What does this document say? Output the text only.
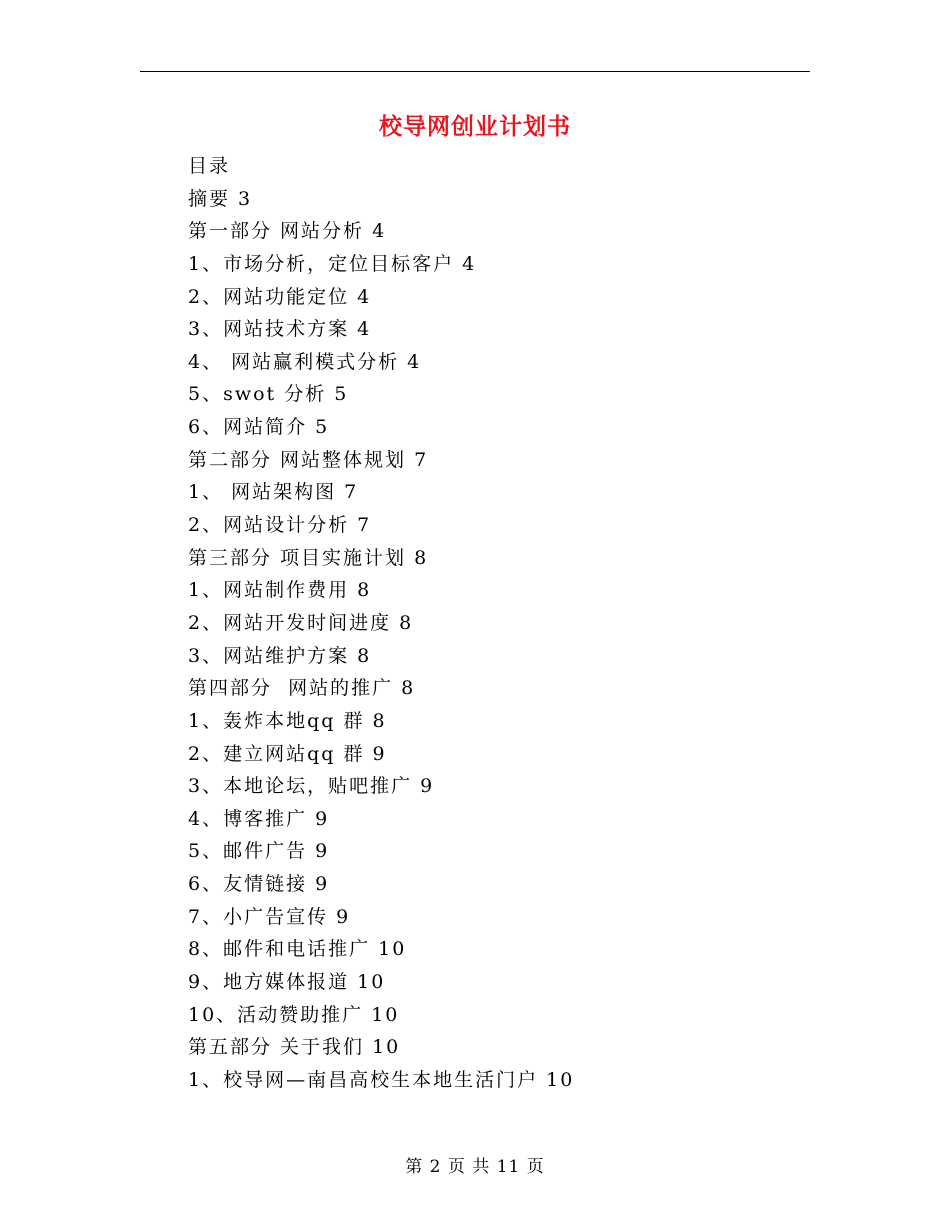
校导网创业计划书
目录
摘要 3
第一部分 网站分析 4
1、市场分析，定位目标客户 4
2、网站功能定位 4
3、网站技术方案 4
4、 网站赢利模式分析 4
5、swot 分析 5
6、网站简介 5
第二部分 网站整体规划 7
1、 网站架构图 7
2、网站设计分析 7
第三部分 项目实施计划 8
1、网站制作费用 8
2、网站开发时间进度 8
3、网站维护方案 8
第四部分  网站的推广 8
1、轰炸本地qq 群 8
2、建立网站qq 群 9
3、本地论坛，贴吧推广 9
4、博客推广 9
5、邮件广告 9
6、友情链接 9
7、小广告宣传 9
8、邮件和电话推广 10
9、地方媒体报道 10
10、活动赞助推广 10
第五部分 关于我们 10
1、校导网—南昌高校生本地生活门户 10
第 2 页 共 11 页
